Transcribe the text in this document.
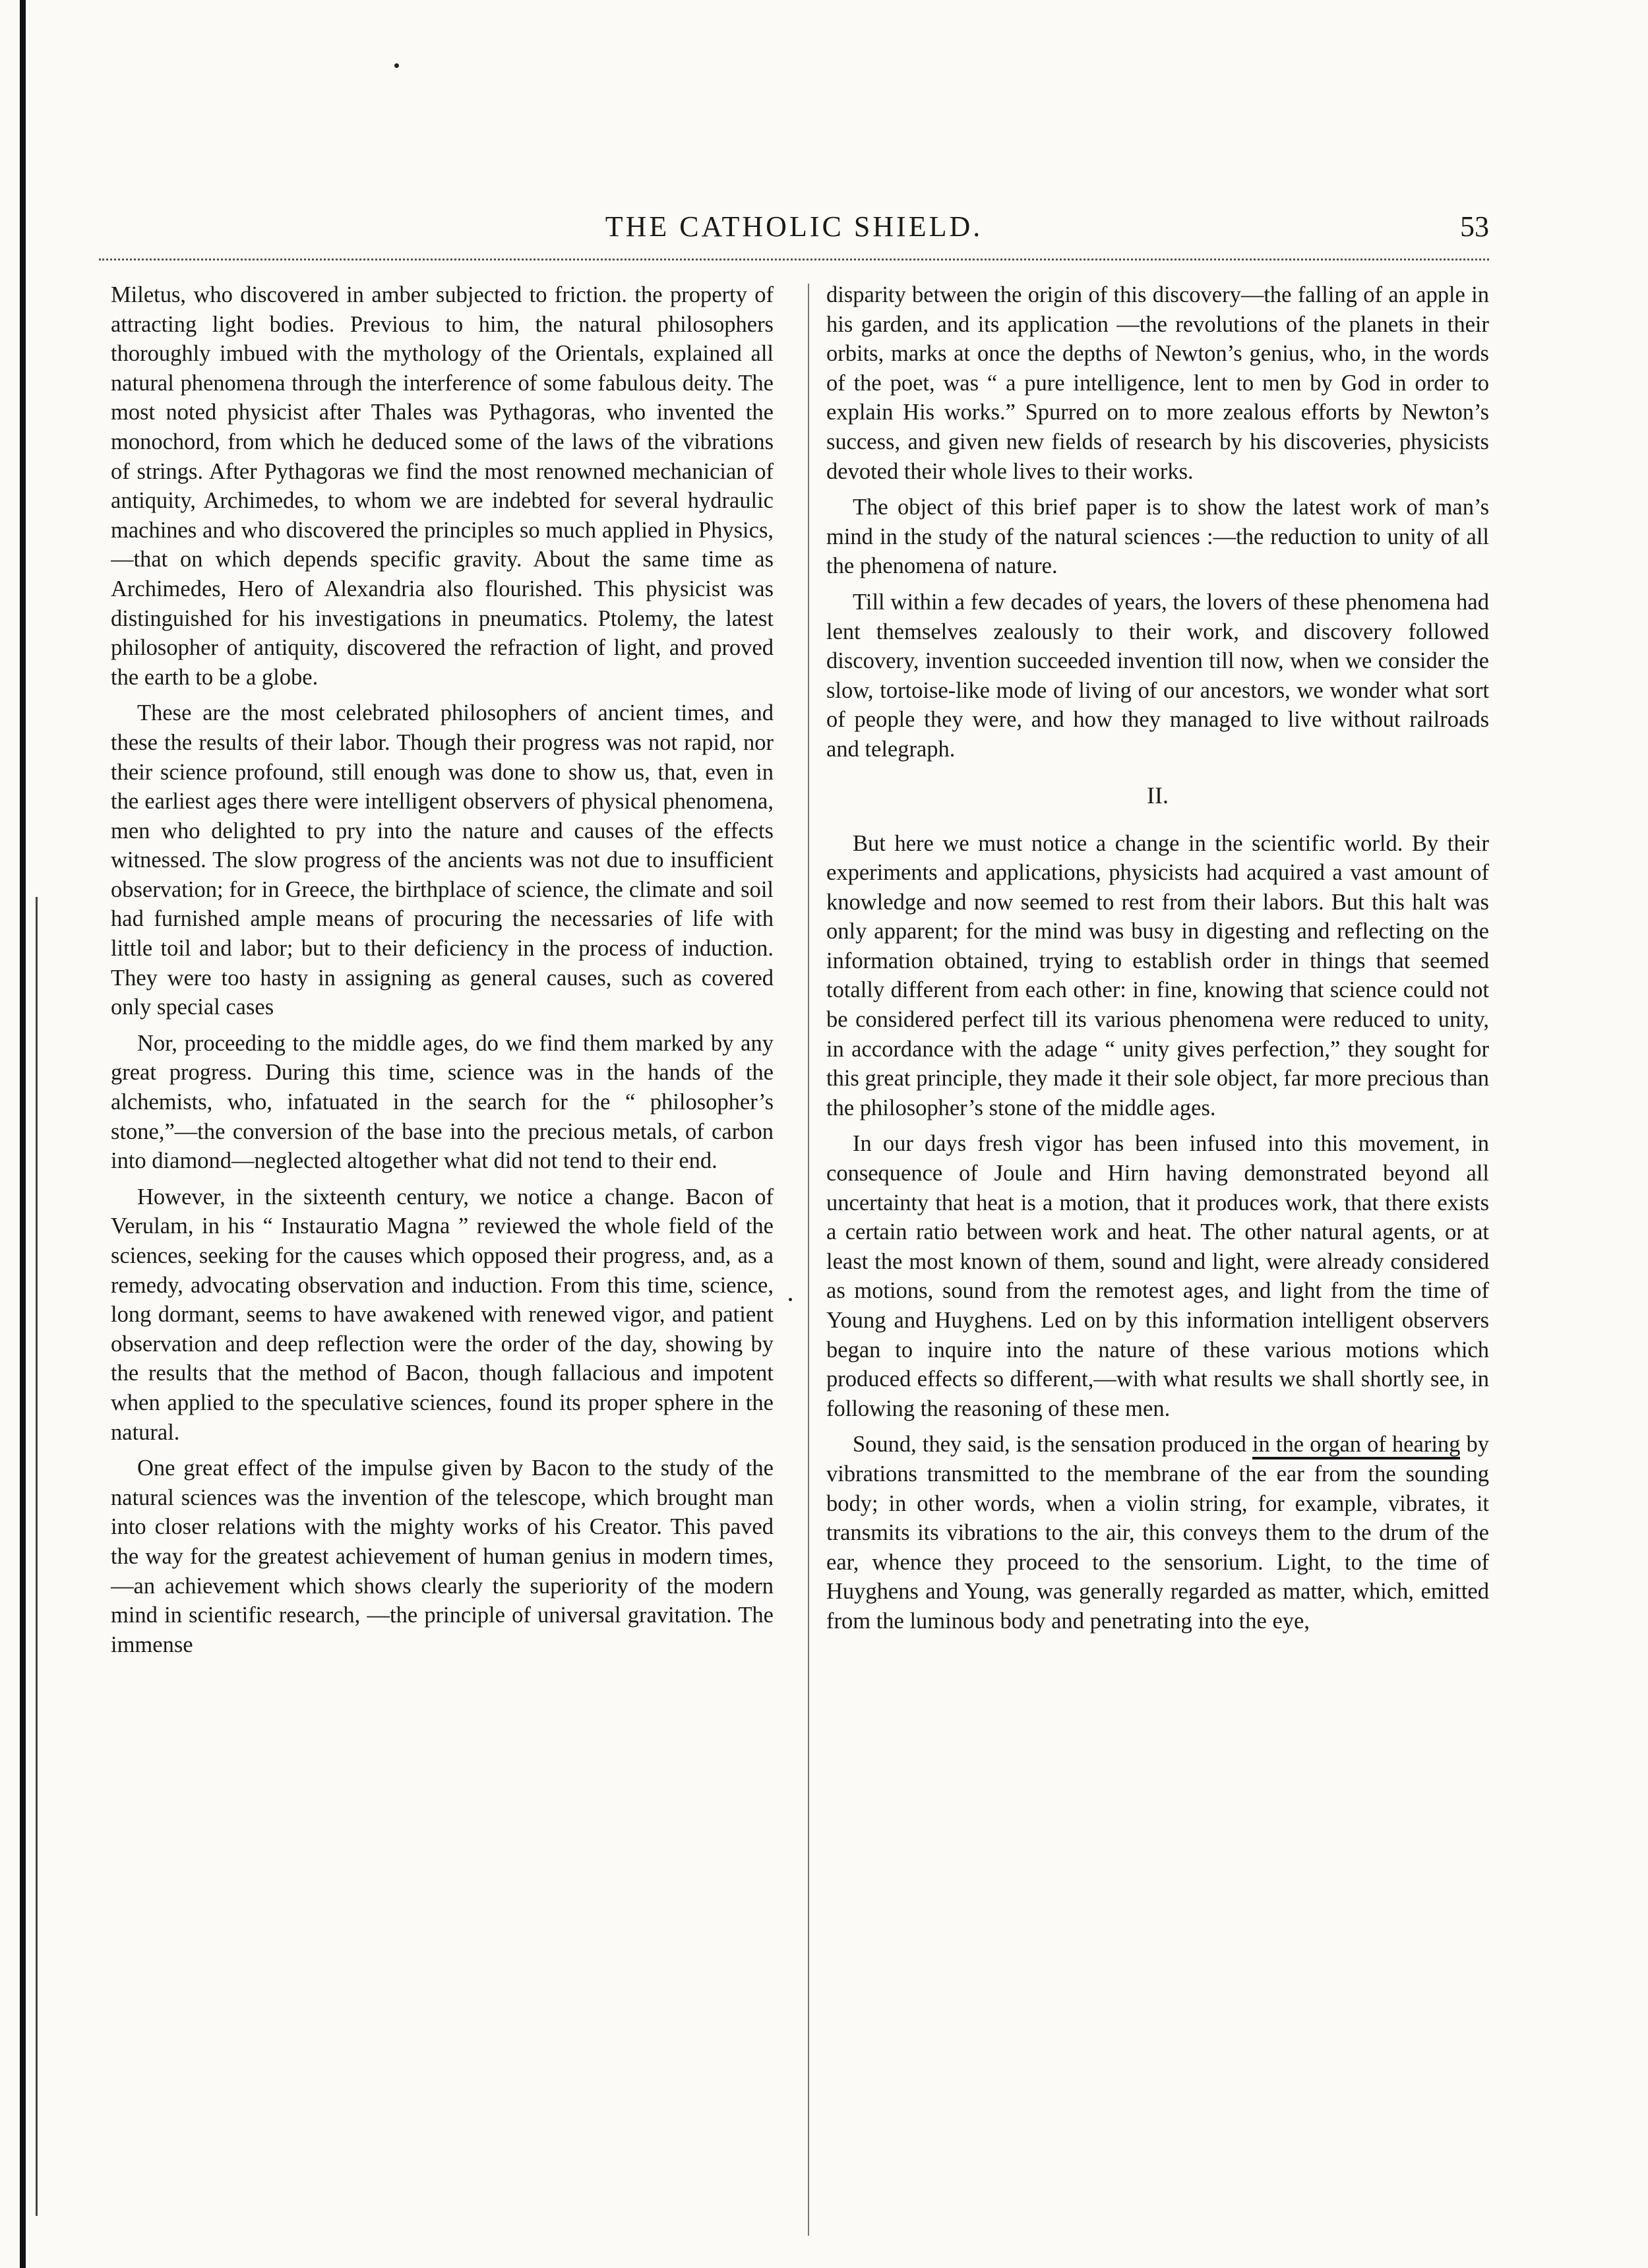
THE CATHOLIC SHIELD.	53

Miletus, who discovered in amber subjected to friction. the property of attracting light bodies. Previous to him, the natural philosophers thoroughly imbued with the mythology of the Orientals, explained all natural phenomena through the interference of some fabulous deity. The most noted physicist after Thales was Pythagoras, who invented the monochord, from which he deduced some of the laws of the vibrations of strings. After Pythagoras we find the most renowned mechanician of antiquity, Archimedes, to whom we are indebted for several hydraulic machines and who discovered the principles so much applied in Physics,—that on which depends specific gravity. About the same time as Archimedes, Hero of Alexandria also flourished. This physicist was distinguished for his investigations in pneumatics. Ptolemy, the latest philosopher of antiquity, discovered the refraction of light, and proved the earth to be a globe.

These are the most celebrated philosophers of ancient times, and these the results of their labor. Though their progress was not rapid, nor their science profound, still enough was done to show us, that, even in the earliest ages there were intelligent observers of physical phenomena, men who delighted to pry into the nature and causes of the effects witnessed. The slow progress of the ancients was not due to insufficient observation; for in Greece, the birthplace of science, the climate and soil had furnished ample means of procuring the necessaries of life with little toil and labor; but to their deficiency in the process of induction. They were too hasty in assigning as general causes, such as covered only special cases

Nor, proceeding to the middle ages, do we find them marked by any great progress. During this time, science was in the hands of the alchemists, who, infatuated in the search for the “ philosopher’s stone,”—the conversion of the base into the precious metals, of carbon into diamond—neglected altogether what did not tend to their end.

However, in the sixteenth century, we notice a change. Bacon of Verulam, in his “ Instauratio Magna ” reviewed the whole field of the sciences, seeking for the causes which opposed their progress, and, as a remedy, advocating observation and induction. From this time, science, long dormant, seems to have awakened with renewed vigor, and patient observation and deep reflection were the order of the day, showing by the results that the method of Bacon, though fallacious and impotent when applied to the speculative sciences, found its proper sphere in the natural.

One great effect of the impulse given by Bacon to the study of the natural sciences was the invention of the telescope, which brought man into closer relations with the mighty works of his Creator. This paved the way for the greatest achievement of human genius in modern times,—an achievement which shows clearly the superiority of the modern mind in scientific research, —the principle of universal gravitation. The immense

disparity between the origin of this discovery—the falling of an apple in his garden, and its application —the revolutions of the planets in their orbits, marks at once the depths of Newton’s genius, who, in the words of the poet, was “ a pure intelligence, lent to men by God in order to explain His works.” Spurred on to more zealous efforts by Newton’s success, and given new fields of research by his discoveries, physicists devoted their whole lives to their works.

The object of this brief paper is to show the latest work of man’s mind in the study of the natural sciences :—the reduction to unity of all the phenomena of nature.

Till within a few decades of years, the lovers of these phenomena had lent themselves zealously to their work, and discovery followed discovery, invention succeeded invention till now, when we consider the slow, tortoise-like mode of living of our ancestors, we wonder what sort of people they were, and how they managed to live without railroads and telegraph.

II.

But here we must notice a change in the scientific world. By their experiments and applications, physicists had acquired a vast amount of knowledge and now seemed to rest from their labors. But this halt was only apparent; for the mind was busy in digesting and reflecting on the information obtained, trying to establish order in things that seemed totally different from each other: in fine, knowing that science could not be considered perfect till its various phenomena were reduced to unity, in accordance with the adage “ unity gives perfection,” they sought for this great principle, they made it their sole object, far more precious than the philosopher’s stone of the middle ages.

In our days fresh vigor has been infused into this movement, in consequence of Joule and Hirn having demonstrated beyond all uncertainty that heat is a motion, that it produces work, that there exists a certain ratio between work and heat. The other natural agents, or at least the most known of them, sound and light, were already considered as motions, sound from the remotest ages, and light from the time of Young and Huyghens. Led on by this information intelligent observers began to inquire into the nature of these various motions which produced effects so different,—with what results we shall shortly see, in following the reasoning of these men.

Sound, they said, is the sensation produced in the organ of hearing by vibrations transmitted to the membrane of the ear from the sounding body; in other words, when a violin string, for example, vibrates, it transmits its vibrations to the air, this conveys them to the drum of the ear, whence they proceed to the sensorium. Light, to the time of Huyghens and Young, was generally regarded as matter, which, emitted from the luminous body and penetrating into the eye,
